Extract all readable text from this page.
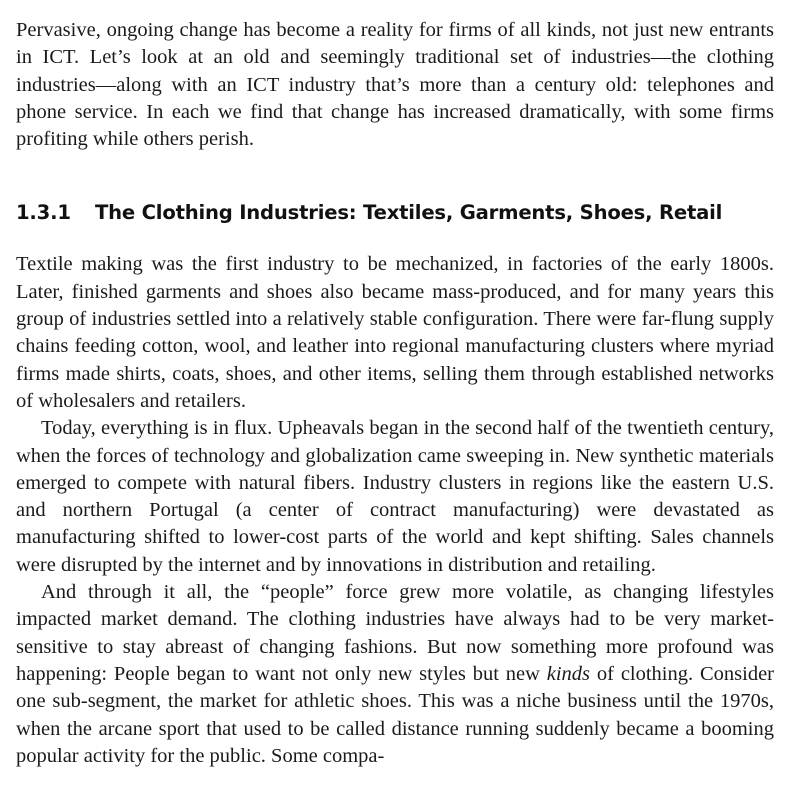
Pervasive, ongoing change has become a reality for firms of all kinds, not just new entrants in ICT. Let’s look at an old and seemingly traditional set of industries—the clothing industries—along with an ICT industry that’s more than a century old: telephones and phone service. In each we find that change has increased dramatically, with some firms profiting while others perish.

1.3.1 The Clothing Industries: Textiles, Garments, Shoes, Retail

Textile making was the first industry to be mechanized, in factories of the early 1800s. Later, finished garments and shoes also became mass-produced, and for many years this group of industries settled into a relatively stable configuration. There were far-flung supply chains feeding cotton, wool, and leather into regional manufacturing clusters where myriad firms made shirts, coats, shoes, and other items, selling them through established networks of wholesalers and retailers.

Today, everything is in flux. Upheavals began in the second half of the twentieth century, when the forces of technology and globalization came sweeping in. New synthetic materials emerged to compete with natural fibers. Industry clusters in regions like the eastern U.S. and northern Portugal (a center of contract manufacturing) were devastated as manufacturing shifted to lower-cost parts of the world and kept shifting. Sales channels were disrupted by the internet and by innovations in distribution and retailing.

And through it all, the “people” force grew more volatile, as changing lifestyles impacted market demand. The clothing industries have always had to be very market-sensitive to stay abreast of changing fashions. But now something more profound was happening: People began to want not only new styles but new kinds of clothing. Consider one sub-segment, the market for athletic shoes. This was a niche business until the 1970s, when the arcane sport that used to be called distance running suddenly became a booming popular activity for the public. Some compa-
